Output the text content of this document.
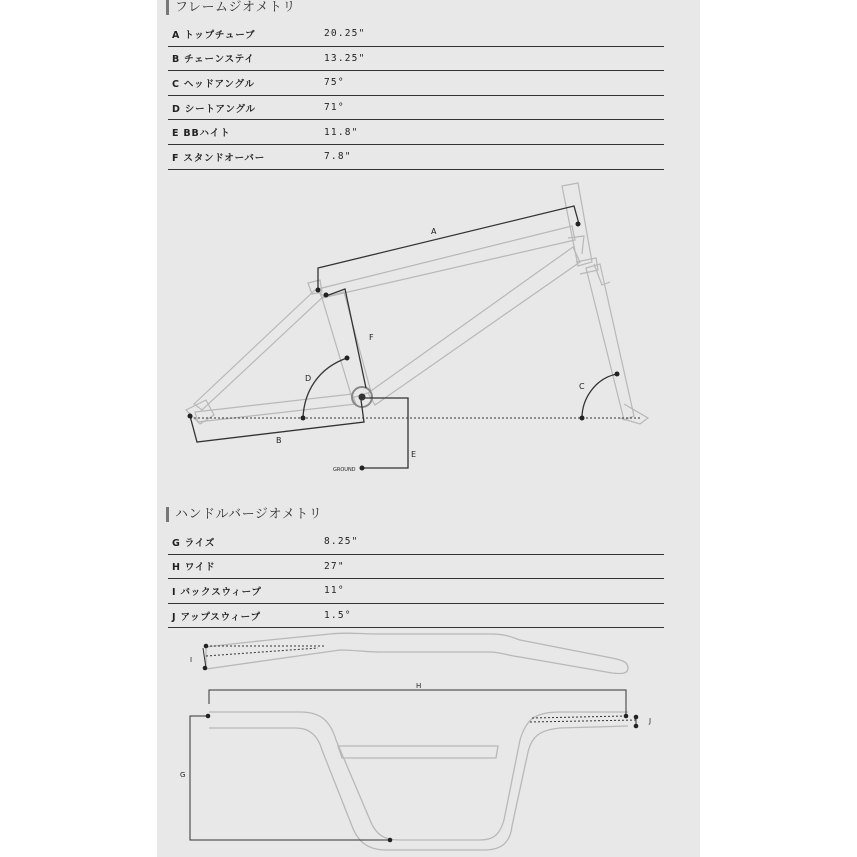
フレームジオメトリ
A トップチューブ	20.25"
B チェーンステイ	13.25"
C ヘッドアングル	75°
D シートアングル	71°
E BBハイト	11.8"
F スタンドオーバー	7.8"
ハンドルバージオメトリ
G ライズ	8.25"
H ワイド	27"
I バックスウィープ	11°
J アップスウィープ	1.5°
A
F
D
C
B
E
GROUND
I
H
G
J
